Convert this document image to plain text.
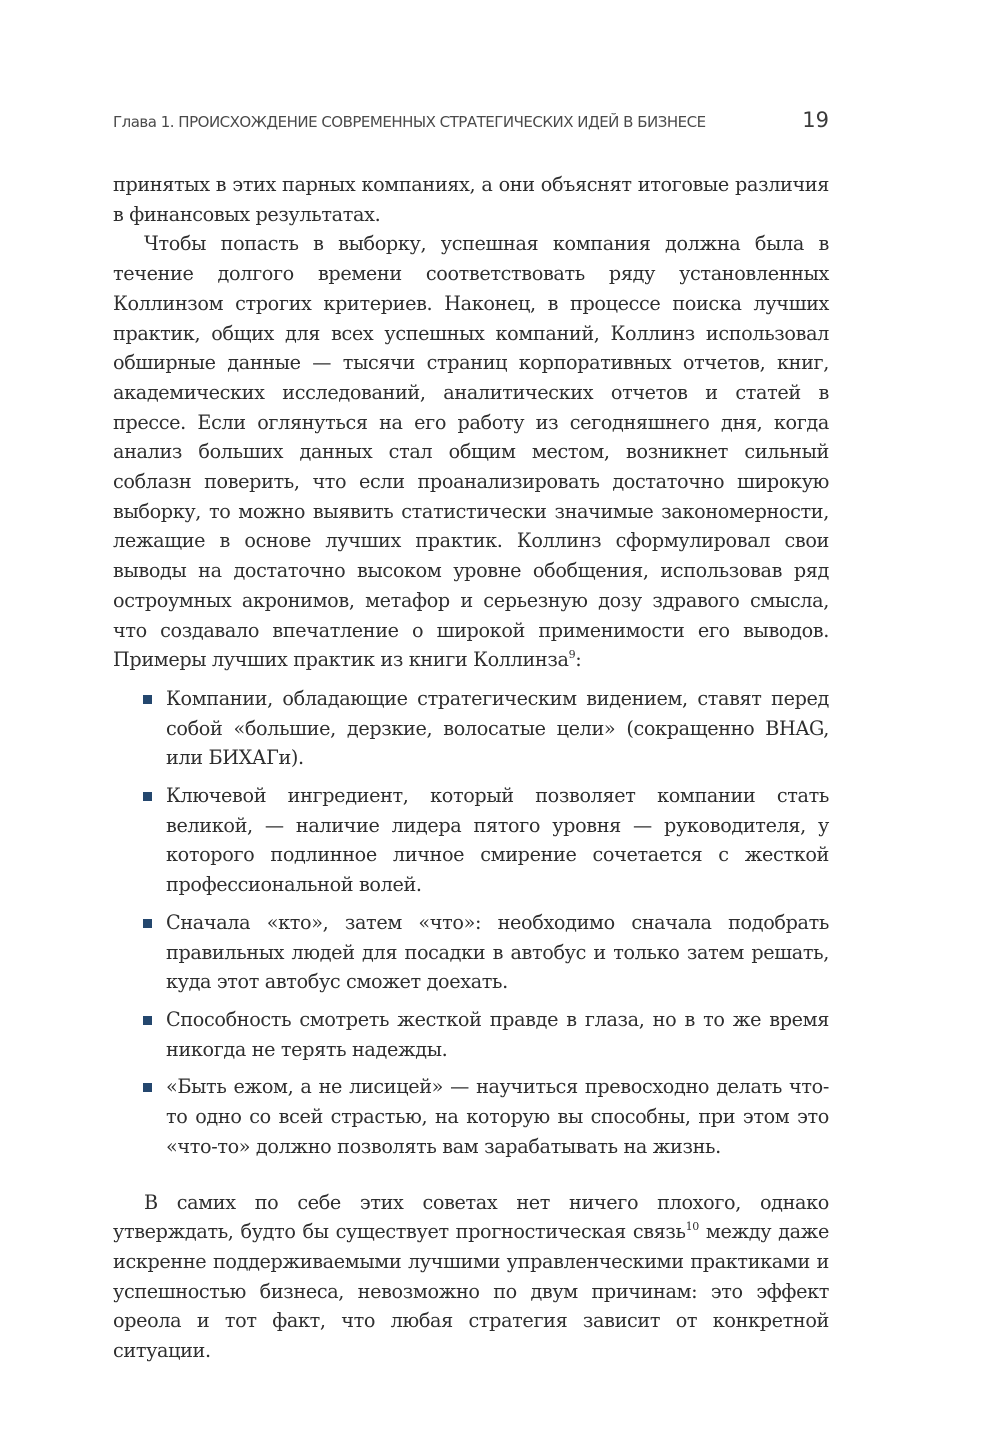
Глава 1. ПРОИСХОЖДЕНИЕ СОВРЕМЕННЫХ СТРАТЕГИЧЕСКИХ ИДЕЙ В БИЗНЕСЕ	19

принятых в этих парных компаниях, а они объяснят итоговые различия в финансовых результатах.

Чтобы попасть в выборку, успешная компания должна была в течение долгого времени соответствовать ряду установленных Коллинзом строгих критериев. Наконец, в процессе поиска лучших практик, общих для всех успешных компаний, Коллинз использовал обширные данные — тысячи страниц корпоративных отчетов, книг, академических исследований, аналитических отчетов и статей в прессе. Если оглянуться на его работу из сегодняшнего дня, когда анализ больших данных стал общим местом, возникнет сильный соблазн поверить, что если проанализировать достаточно широкую выборку, то можно выявить статистически значимые закономерности, лежащие в основе лучших практик. Коллинз сформулировал свои выводы на достаточно высоком уровне обобщения, использовав ряд остроумных акронимов, метафор и серьезную дозу здравого смысла, что создавало впечатление о широкой применимости его выводов. Примеры лучших практик из книги Коллинза$^9$:

Компании, обладающие стратегическим видением, ставят перед собой «большие, дерзкие, волосатые цели» (сокращенно BHAG, или БИХАГи).
Ключевой ингредиент, который позволяет компании стать великой, — наличие лидера пятого уровня — руководителя, у которого подлинное личное смирение сочетается с жесткой профессиональной волей.
Сначала «кто», затем «что»: необходимо сначала подобрать правильных людей для посадки в автобус и только затем решать, куда этот автобус сможет доехать.
Способность смотреть жесткой правде в глаза, но в то же время никогда не терять надежды.
«Быть ежом, а не лисицей» — научиться превосходно делать что-то одно со всей страстью, на которую вы способны, при этом это «что-то» должно позволять вам зарабатывать на жизнь.

В самих по себе этих советах нет ничего плохого, однако утверждать, будто бы существует прогностическая связь$^{10}$ между даже искренне поддерживаемыми лучшими управленческими практиками и успешностью бизнеса, невозможно по двум причинам: это эффект ореола и тот факт, что любая стратегия зависит от конкретной ситуации.
